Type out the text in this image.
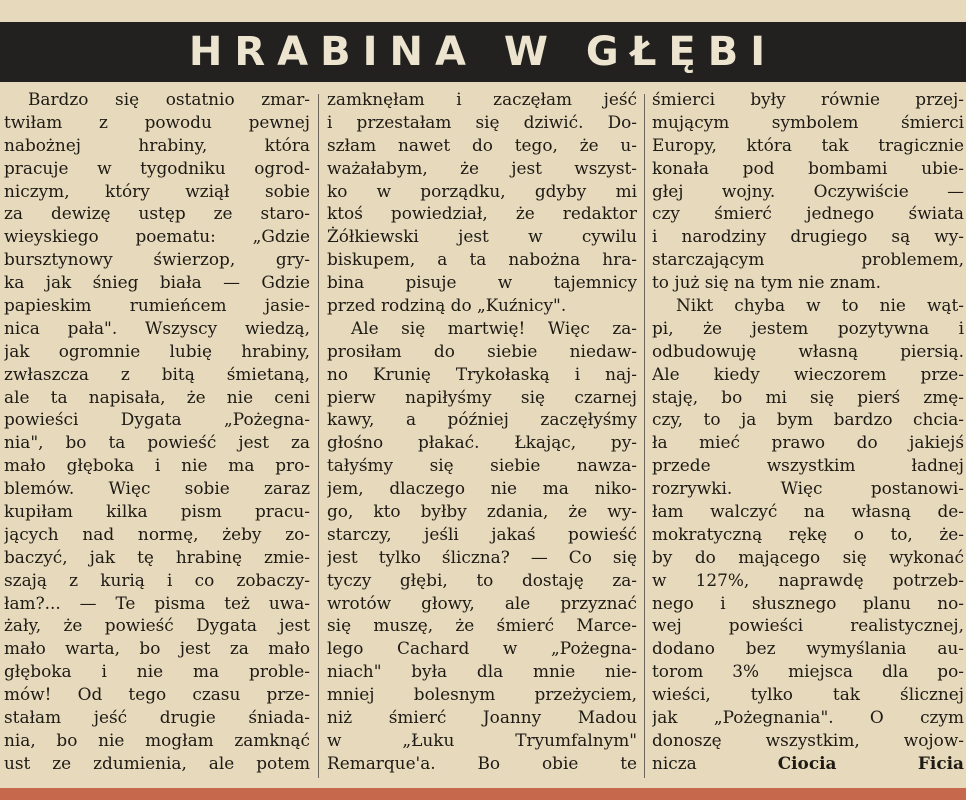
HRABINA W GŁĘBI
Bardzo się ostatnio zmar-
twiłam z powodu pewnej
nabożnej hrabiny, która
pracuje w tygodniku ogrod-
niczym, który wziął sobie
za dewizę ustęp ze staro-
wieyskiego poematu: „Gdzie
bursztynowy świerzop, gry-
ka jak śnieg biała — Gdzie
papieskim rumieńcem jasie-
nica pała". Wszyscy wiedzą,
jak ogromnie lubię hrabiny,
zwłaszcza z bitą śmietaną,
ale ta napisała, że nie ceni
powieści Dygata „Pożegna-
nia", bo ta powieść jest za
mało głęboka i nie ma pro-
blemów. Więc sobie zaraz
kupiłam kilka pism pracu-
jących nad normę, żeby zo-
baczyć, jak tę hrabinę zmie-
szają z kurią i co zobaczy-
łam?... — Te pisma też uwa-
żały, że powieść Dygata jest
mało warta, bo jest za mało
głęboka i nie ma proble-
mów! Od tego czasu prze-
stałam jeść drugie śniada-
nia, bo nie mogłam zamknąć
ust ze zdumienia, ale potem
zamknęłam i zaczęłam jeść
i przestałam się dziwić. Do-
szłam nawet do tego, że u-
ważałabym, że jest wszyst-
ko w porządku, gdyby mi
ktoś powiedział, że redaktor
Żółkiewski jest w cywilu
biskupem, a ta nabożna hra-
bina pisuje w tajemnicy
przed rodziną do „Kuźnicy".
Ale się martwię! Więc za-
prosiłam do siebie niedaw-
no Krunię Trykołaską i naj-
pierw napiłyśmy się czarnej
kawy, a później zaczęłyśmy
głośno płakać. Łkając, py-
tałyśmy się siebie nawza-
jem, dlaczego nie ma niko-
go, kto byłby zdania, że wy-
starczy, jeśli jakaś powieść
jest tylko śliczna? — Co się
tyczy głębi, to dostaję za-
wrotów głowy, ale przyznać
się muszę, że śmierć Marce-
lego Cachard w „Pożegna-
niach" była dla mnie nie-
mniej bolesnym przeżyciem,
niż śmierć Joanny Madou
w „Łuku Tryumfalnym"
Remarque'a. Bo obie te
śmierci były równie przej-
mującym symbolem śmierci
Europy, która tak tragicznie
konała pod bombami ubie-
głej wojny. Oczywiście —
czy śmierć jednego świata
i narodziny drugiego są wy-
starczającym problemem,
to już się na tym nie znam.
Nikt chyba w to nie wąt-
pi, że jestem pozytywna i
odbudowuję własną piersią.
Ale kiedy wieczorem prze-
staję, bo mi się pierś zmę-
czy, to ja bym bardzo chcia-
ła mieć prawo do jakiejś
przede wszystkim ładnej
rozrywki. Więc postanowi-
łam walczyć na własną de-
mokratyczną rękę o to, że-
by do mającego się wykonać
w 127%, naprawdę potrzeb-
nego i słusznego planu no-
wej powieści realistycznej,
dodano bez wymyślania au-
torom 3% miejsca dla po-
wieści, tylko tak ślicznej
jak „Pożegnania". O czym
donoszę wszystkim, wojow-
nicza	Ciocia Ficia
